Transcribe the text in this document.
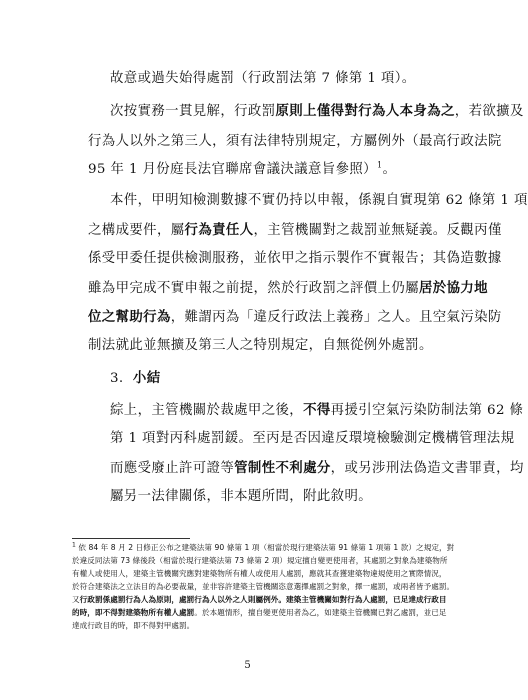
故意或過失始得處罰（行政罰法第 7 條第 1 項）。
次按實務一貫見解，行政罰原則上僅得對行為人本身為之，若欲擴及
行為人以外之第三人，須有法律特別規定，方屬例外（最高行政法院
95 年 1 月份庭長法官聯席會議決議意旨參照）$^1$。
本件，甲明知檢測數據不實仍持以申報，係親自實現第 62 條第 1 項
之構成要件，屬行為責任人，主管機關對之裁罰並無疑義。反觀丙僅
係受甲委任提供檢測服務，並依甲之指示製作不實報告；其偽造數據
雖為甲完成不實申報之前提，然於行政罰之評價上仍屬居於協力地
位之幫助行為，難謂丙為「違反行政法上義務」之人。且空氣污染防
制法就此並無擴及第三人之特別規定，自無從例外處罰。
3. 小結
綜上，主管機關於裁處甲之後，不得再援引空氣污染防制法第 62 條
第 1 項對丙科處罰鍰。至丙是否因違反環境檢驗測定機構管理法規
而應受廢止許可證等管制性不利處分，或另涉刑法偽造文書罪責，均
屬另一法律關係，非本題所問，附此敘明。
$^1$ 依 84 年 8 月 2 日修正公布之建築法第 90 條第 1 項（相當於現行建築法第 91 條第 1 項第 1 款）之規定，對
於違反同法第 73 條後段（相當於現行建築法第 73 條第 2 項）規定擅自變更使用者，其處罰之對象為建築物所
有權人或使用人，建築主管機關究應對建築物所有權人或使用人處罰，應就其查獲建築物違規使用之實際情況，
於符合建築法之立法目的為必要裁量，並非容許建築主管機關恣意選擇處罰之對象，擇一處罰，或兩者皆予處罰。
又行政罰係處罰行為人為原則，處罰行為人以外之人則屬例外。建築主管機關如對行為人處罰，已足達成行政目
的時，即不得對建築物所有權人處罰。於本題情形，擅自變更使用者為乙，如建築主管機關已對乙處罰，並已足
達成行政目的時，即不得對甲處罰。
5
